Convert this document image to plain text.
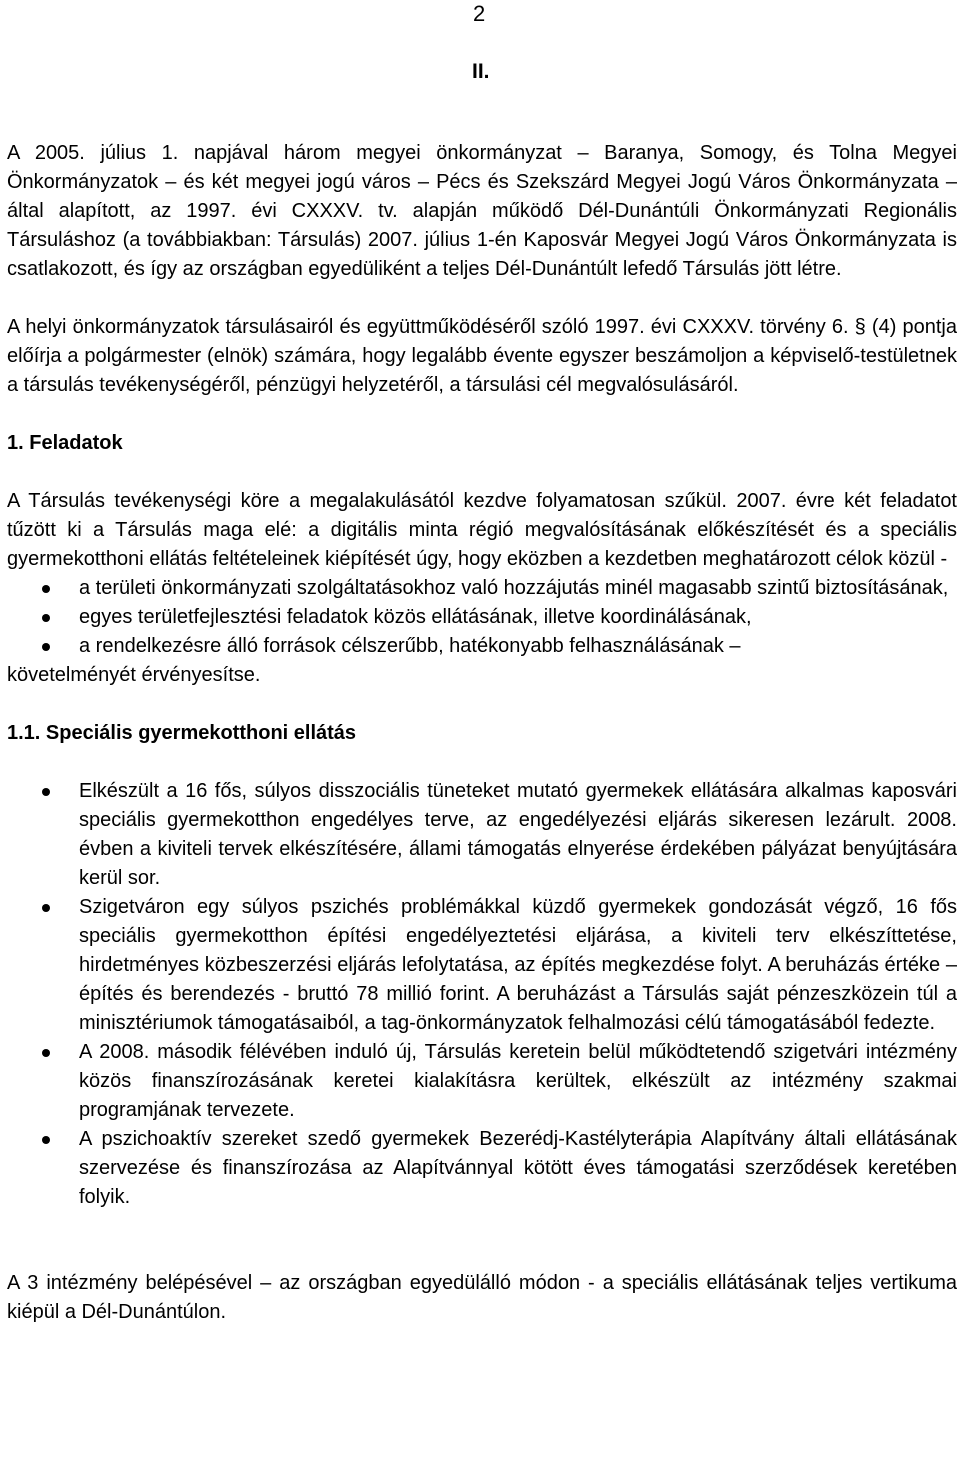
2
II.

A 2005. július 1. napjával három megyei önkormányzat – Baranya, Somogy, és Tolna Megyei Önkormányzatok – és két megyei jogú város – Pécs és Szekszárd Megyei Jogú Város Önkormányzata – által alapított, az 1997. évi CXXXV. tv. alapján működő Dél-Dunántúli Önkormányzati Regionális Társuláshoz (a továbbiakban: Társulás) 2007. július 1-én Kaposvár Megyei Jogú Város Önkormányzata is csatlakozott, és így az országban egyedüliként a teljes Dél-Dunántúlt lefedő Társulás jött létre.

A helyi önkormányzatok társulásairól és együttműködéséről szóló 1997. évi CXXXV. törvény 6. § (4) pontja előírja a polgármester (elnök) számára, hogy legalább évente egyszer beszámoljon a képviselő-testületnek a társulás tevékenységéről, pénzügyi helyzetéről, a társulási cél megvalósulásáról.

1. Feladatok

A Társulás tevékenységi köre a megalakulásától kezdve folyamatosan szűkül. 2007. évre két feladatot tűzött ki a Társulás maga elé: a digitális minta régió megvalósításának előkészítését és a speciális gyermekotthoni ellátás feltételeinek kiépítését úgy, hogy eközben a kezdetben meghatározott célok közül -

a területi önkormányzati szolgáltatásokhoz való hozzájutás minél magasabb szintű biztosításának,
egyes területfejlesztési feladatok közös ellátásának, illetve koordinálásának,
a rendelkezésre álló források célszerűbb, hatékonyabb felhasználásának –

követelményét érvényesítse.

1.1. Speciális gyermekotthoni ellátás
Elkészült a 16 fős, súlyos disszociális tüneteket mutató gyermekek ellátására alkalmas kaposvári speciális gyermekotthon engedélyes terve, az engedélyezési eljárás sikeresen lezárult. 2008. évben a kiviteli tervek elkészítésére, állami támogatás elnyerése érdekében pályázat benyújtására kerül sor.
Szigetváron egy súlyos pszichés problémákkal küzdő gyermekek gondozását végző, 16 fős speciális gyermekotthon építési engedélyeztetési eljárása, a kiviteli terv elkészíttetése, hirdetményes közbeszerzési eljárás lefolytatása, az építés megkezdése folyt. A beruházás értéke – építés és berendezés - bruttó 78 millió forint. A beruházást a Társulás saját pénzeszközein túl a minisztériumok támogatásaiból, a tag-önkormányzatok felhalmozási célú támogatásából fedezte.
A 2008. második félévében induló új, Társulás keretein belül működtetendő szigetvári intézmény közös finanszírozásának keretei kialakításra kerültek, elkészült az intézmény szakmai programjának tervezete.
A pszichoaktív szereket szedő gyermekek Bezerédj-Kastélyterápia Alapítvány általi ellátásának szervezése és finanszírozása az Alapítvánnyal kötött éves támogatási szerződések keretében folyik.

A 3 intézmény belépésével – az országban egyedülálló módon - a speciális ellátásának teljes vertikuma kiépül a Dél-Dunántúlon.
